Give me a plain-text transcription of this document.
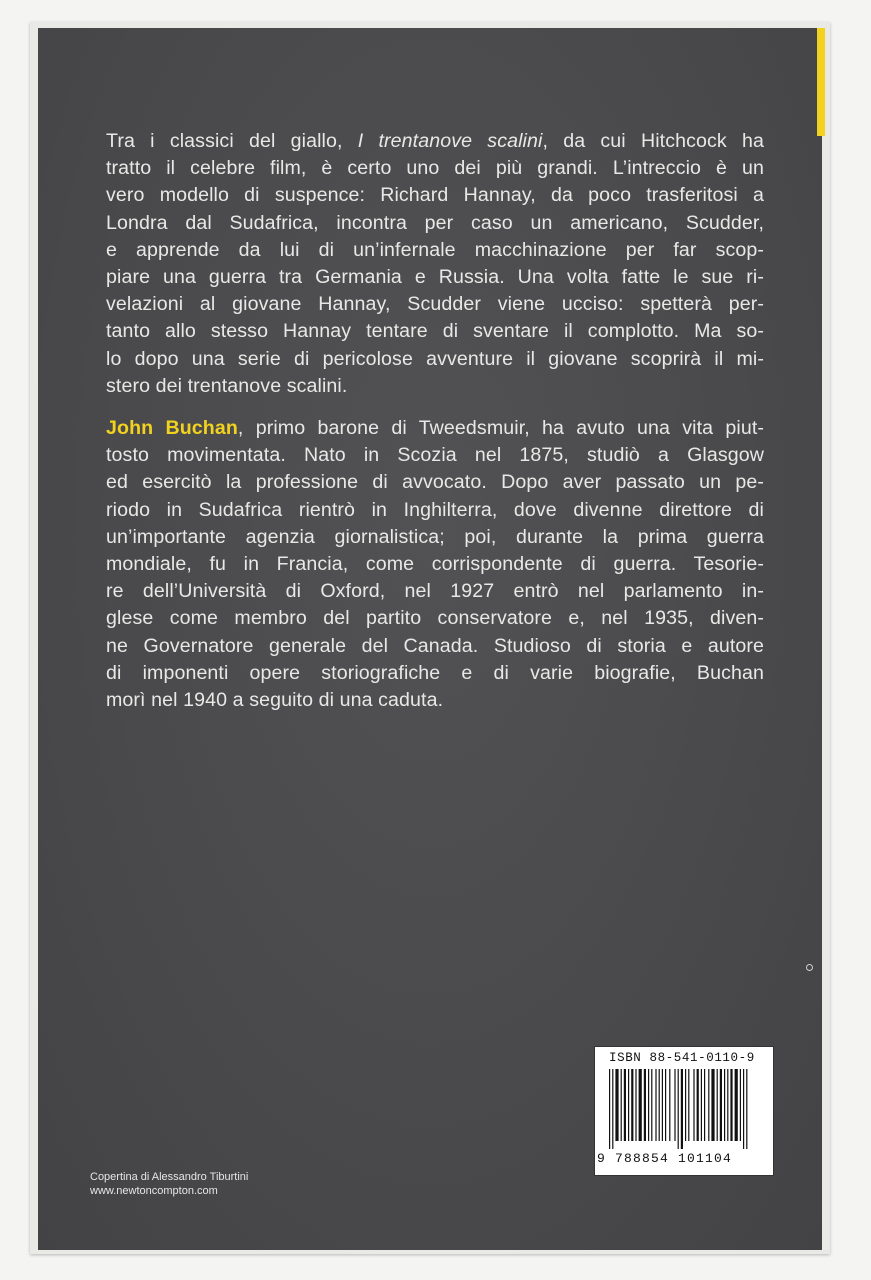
Tra i classici del giallo, I trentanove scalini, da cui Hitchcock ha
tratto il celebre film, è certo uno dei più grandi. L’intreccio è un
vero modello di suspence: Richard Hannay, da poco trasferitosi a
Londra dal Sudafrica, incontra per caso un americano, Scudder,
e apprende da lui di un’infernale macchinazione per far scop-
piare una guerra tra Germania e Russia. Una volta fatte le sue ri-
velazioni al giovane Hannay, Scudder viene ucciso: spetterà per-
tanto allo stesso Hannay tentare di sventare il complotto. Ma so-
lo dopo una serie di pericolose avventure il giovane scoprirà il mi-
stero dei trentanove scalini.

John Buchan, primo barone di Tweedsmuir, ha avuto una vita piut-
tosto movimentata. Nato in Scozia nel 1875, studiò a Glasgow
ed esercitò la professione di avvocato. Dopo aver passato un pe-
riodo in Sudafrica rientrò in Inghilterra, dove divenne direttore di
un’importante agenzia giornalistica; poi, durante la prima guerra
mondiale, fu in Francia, come corrispondente di guerra. Tesorie-
re dell’Università di Oxford, nel 1927 entrò nel parlamento in-
glese come membro del partito conservatore e, nel 1935, diven-
ne Governatore generale del Canada. Studioso di storia e autore
di imponenti opere storiografiche e di varie biografie, Buchan
morì nel 1940 a seguito di una caduta.

Copertina di Alessandro Tiburtini
www.newtoncompton.com
ISBN 88-541-0110-9
9 788854 101104
